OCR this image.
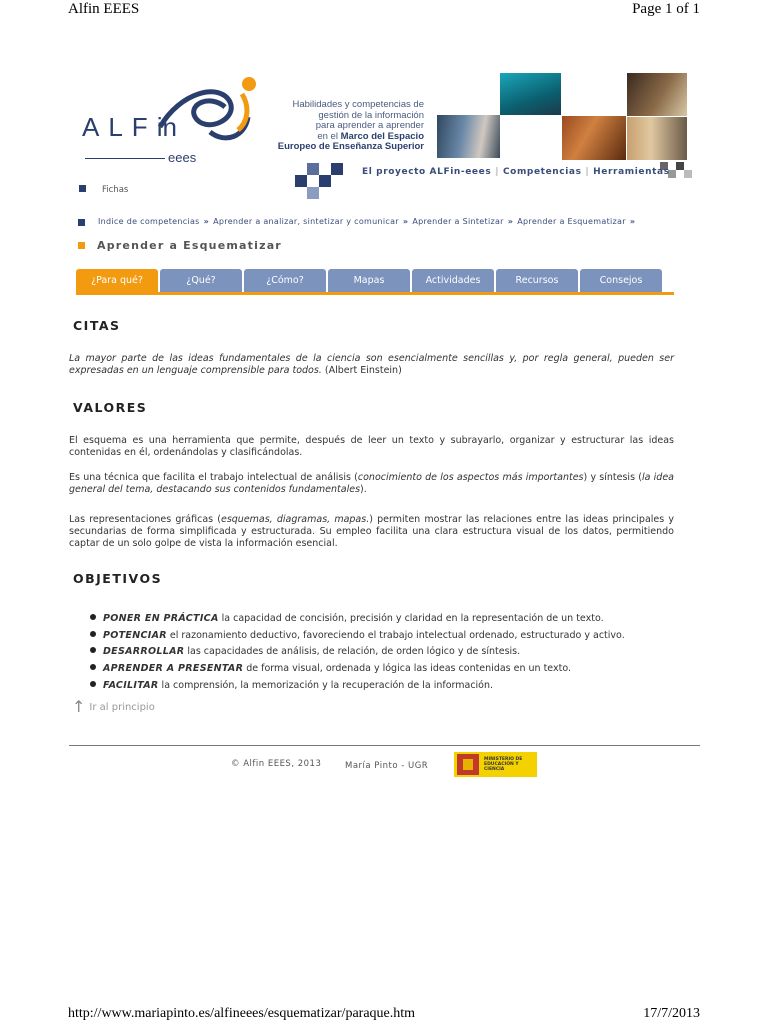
Alfin EEES	Page 1 of 1
ALFin
eees
Habilidades y competencias de
gestión de la información
para aprender a aprender
en el Marco del Espacio
Europeo de Enseñanza Superior
El proyecto ALFin-eees | Competencias | Herramientas
Fichas
Indice de competencias » Aprender a analizar, sintetizar y comunicar » Aprender a Sintetizar » Aprender a Esquematizar »
Aprender a Esquematizar
¿Para qué?	¿Qué?	¿Cómo?	Mapas	Actividades	Recursos	Consejos
CITAS
La mayor parte de las ideas fundamentales de la ciencia son esencialmente sencillas y, por regla general, pueden ser expresadas en un lenguaje comprensible para todos. (Albert Einstein)
VALORES
El esquema es una herramienta que permite, después de leer un texto y subrayarlo, organizar y estructurar las ideas contenidas en él, ordenándolas y clasificándolas.
Es una técnica que facilita el trabajo intelectual de análisis (conocimiento de los aspectos más importantes) y síntesis (la idea general del tema, destacando sus contenidos fundamentales).
Las representaciones gráficas (esquemas, diagramas, mapas.) permiten mostrar las relaciones entre las ideas principales y secundarias de forma simplificada y estructurada. Su empleo facilita una clara estructura visual de los datos, permitiendo captar de un solo golpe de vista la información esencial.
OBJETIVOS
PONER EN PRÁCTICA la capacidad de concisión, precisión y claridad en la representación de un texto.
POTENCIAR el razonamiento deductivo, favoreciendo el trabajo intelectual ordenado, estructurado y activo.
DESARROLLAR las capacidades de análisis, de relación, de orden lógico y de síntesis.
APRENDER A PRESENTAR de forma visual, ordenada y lógica las ideas contenidas en un texto.
FACILITAR la comprensión, la memorización y la recuperación de la información.
↑ Ir al principio
© Alfin EEES, 2013	María Pinto - UGR
MINISTERIO DE EDUCACIÓN Y CIENCIA
http://www.mariapinto.es/alfineees/esquematizar/paraque.htm	17/7/2013
